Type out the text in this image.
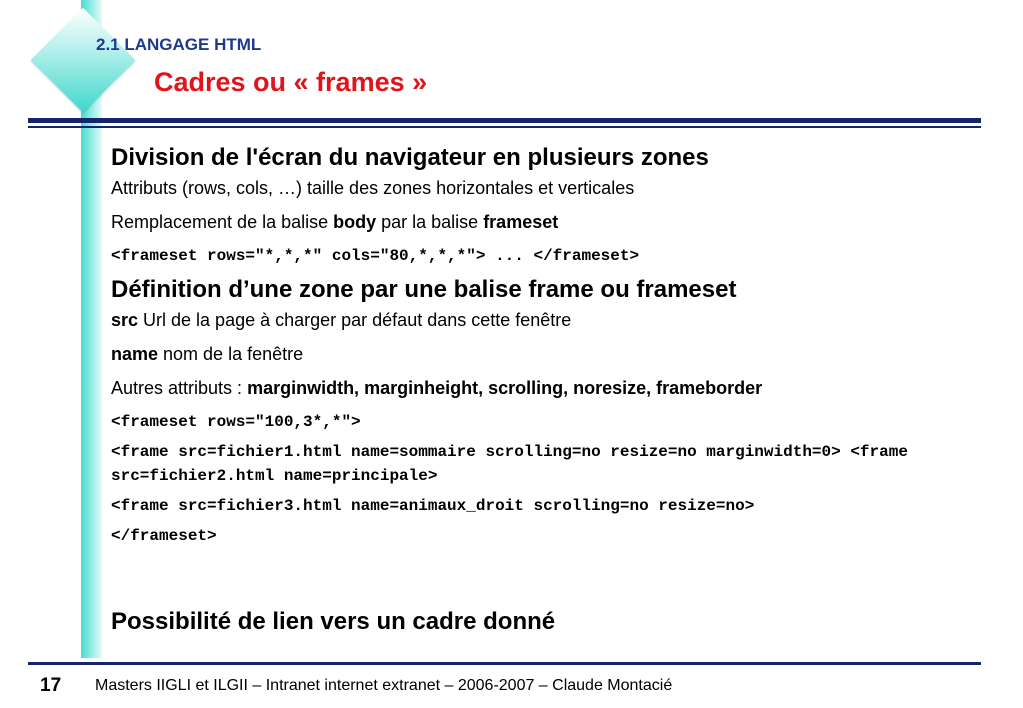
2.1 LANGAGE HTML

Cadres ou « frames »

Division de l'écran du navigateur en plusieurs zones
Attributs (rows, cols, …) taille des zones horizontales et verticales
Remplacement de la balise body par la balise frameset
<frameset rows="*,*,*" cols="80,*,*,*"> ... </frameset>
Définition d’une zone par une balise frame ou frameset
src Url de la page à charger par défaut dans cette fenêtre
name nom de la fenêtre
Autres attributs : marginwidth, marginheight, scrolling, noresize, frameborder
<frameset rows="100,3*,*">
<frame src=fichier1.html name=sommaire scrolling=no resize=no marginwidth=0> <frame src=fichier2.html name=principale>
<frame src=fichier3.html name=animaux_droit scrolling=no resize=no>
</frameset>
Possibilité de lien vers un cadre donné
17 Masters IIGLI et ILGII – Intranet internet extranet – 2006-2007 – Claude Montacié
